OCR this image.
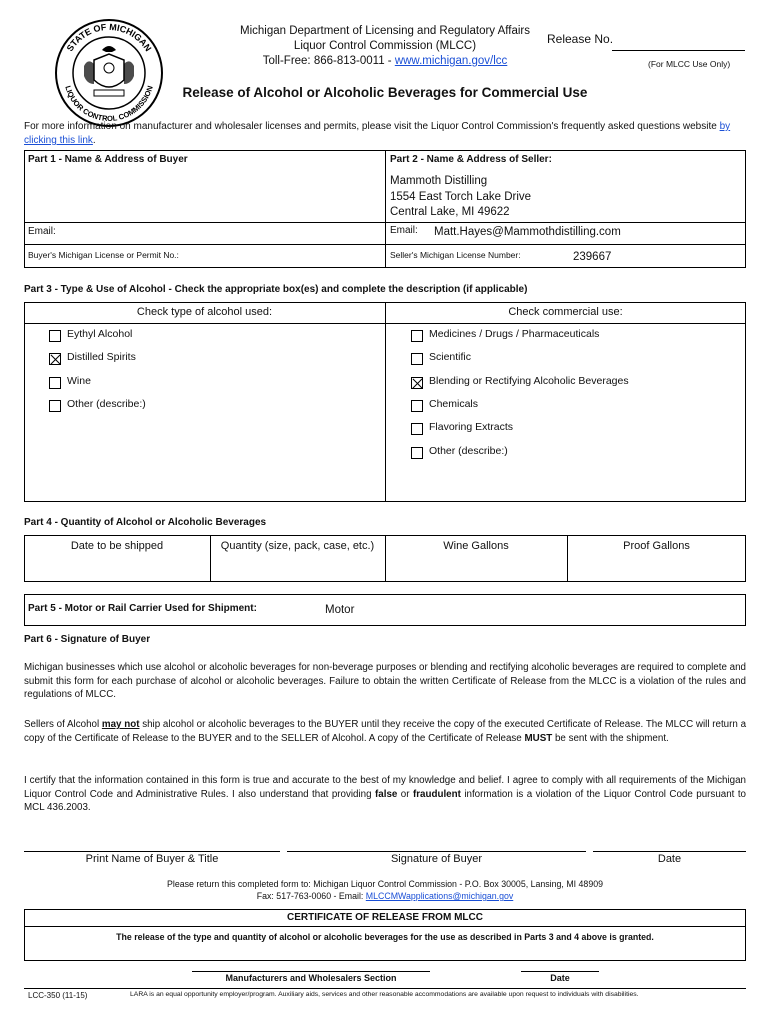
STATE OF MICHIGAN
LIQUOR CONTROL COMMISSION
Michigan Department of Licensing and Regulatory Affairs
Liquor Control Commission (MLCC)
Toll-Free: 866-813-0011 - www.michigan.gov/lcc
Release No.
(For MLCC Use Only)
Release of Alcohol or Alcoholic Beverages for Commercial Use
For more information on manufacturer and wholesaler licenses and permits, please visit the Liquor Control Commission's frequently asked questions website by clicking this link.
Part 1 - Name & Address of Buyer	Part 2 - Name & Address of Seller:
Mammoth Distilling
1554 East Torch Lake Drive
Central Lake, MI 49622
Email:	Email: Matt.Hayes@Mammothdistilling.com
Buyer's Michigan License or Permit No.:	Seller's Michigan License Number:	239667
Part 3 - Type & Use of Alcohol - Check the appropriate box(es) and complete the description (if applicable)
Check type of alcohol used:	Check commercial use:
Eythyl Alcohol
Distilled Spirits
Wine
Other (describe:)
Medicines / Drugs / Pharmaceuticals
Scientific
Blending or Rectifying Alcoholic Beverages
Chemicals
Flavoring Extracts
Other (describe:)
Part 4 - Quantity of Alcohol or Alcoholic Beverages
Date to be shipped	Quantity (size, pack, case, etc.)	Wine Gallons	Proof Gallons
Part 5 - Motor or Rail Carrier Used for Shipment:	Motor
Part 6 - Signature of Buyer
Michigan businesses which use alcohol or alcoholic beverages for non-beverage purposes or blending and rectifying alcoholic beverages are required to complete and submit this form for each purchase of alcohol or alcoholic beverages. Failure to obtain the written Certificate of Release from the MLCC is a violation of the rules and regulations of MLCC.
Sellers of Alcohol may not ship alcohol or alcoholic beverages to the BUYER until they receive the copy of the executed Certificate of Release. The MLCC will return a copy of the Certificate of Release to the BUYER and to the SELLER of Alcohol. A copy of the Certificate of Release MUST be sent with the shipment.
I certify that the information contained in this form is true and accurate to the best of my knowledge and belief. I agree to comply with all requirements of the Michigan Liquor Control Code and Administrative Rules. I also understand that providing false or fraudulent information is a violation of the Liquor Control Code pursuant to MCL 436.2003.
Print Name of Buyer & Title	Signature of Buyer	Date
Please return this completed form to: Michigan Liquor Control Commission - P.O. Box 30005, Lansing, MI 48909
Fax: 517-763-0060 - Email: MLCCMWapplications@michigan.gov
CERTIFICATE OF RELEASE FROM MLCC
The release of the type and quantity of alcohol or alcoholic beverages for the use as described in Parts 3 and 4 above is granted.
Manufacturers and Wholesalers Section	Date
LCC-350 (11-15)	LARA is an equal opportunity employer/program. Auxiliary aids, services and other reasonable accommodations are available upon request to individuals with disabilities.
